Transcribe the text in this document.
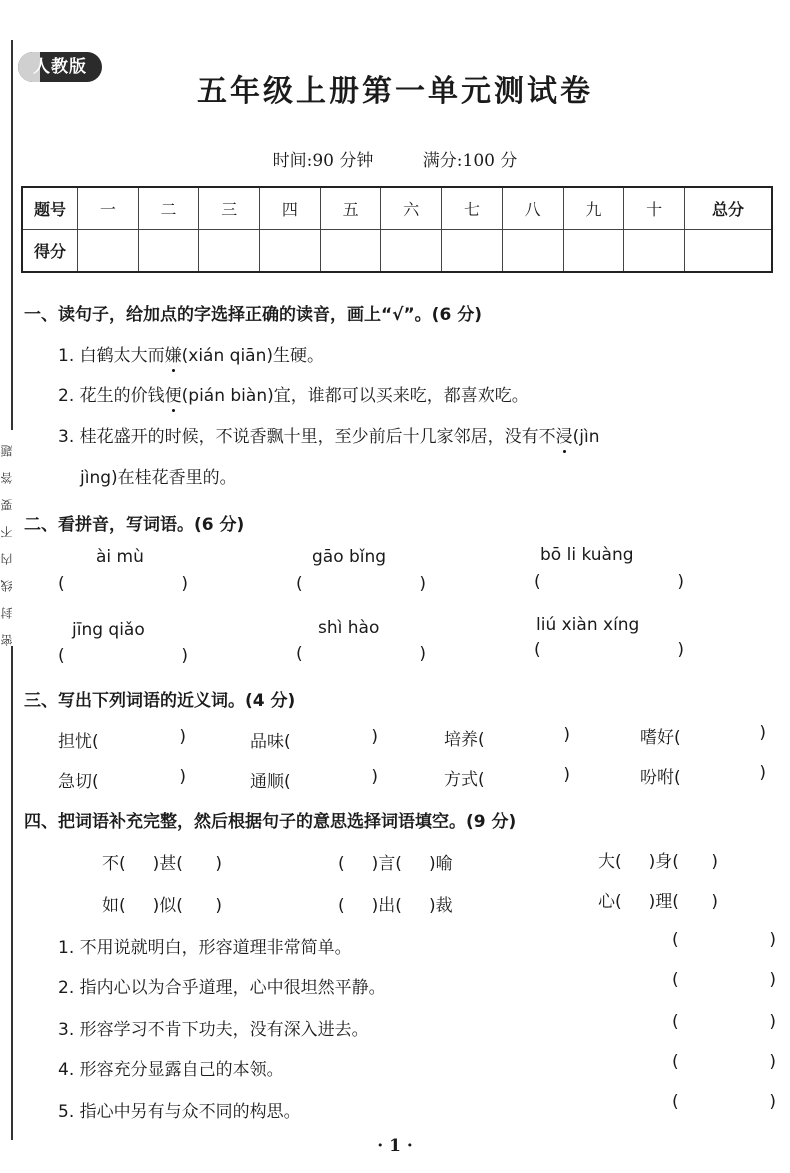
密封线内不要答题
人教版
五年级上册第一单元测试卷
时间:90 分钟	满分:100 分
题号	一	二	三	四	五	六	七	八	九	十	总分
得分											
一、读句子，给加点的字选择正确的读音，画上“√”。(6 分)
1. 白鹤太大而嫌(xián qiān)生硬。
2. 花生的价钱便(pián biàn)宜，谁都可以买来吃，都喜欢吃。
3. 桂花盛开的时候，不说香飘十里，至少前后十几家邻居，没有不浸(jìn
jìng)在桂花香里的。
二、看拼音，写词语。(6 分)
ài mù	gāo bǐng	bō li kuàng
(	)	(	)	(	)
jīng qiǎo	shì hào	liú xiàn xíng
(	)	(	)	(	)
三、写出下列词语的近义词。(4 分)
担忧(	)	品味(	)	培养(	)	嗜好(	)
急切(	)	通顺(	)	方式(	)	吩咐(	)
四、把词语补充完整，然后根据句子的意思选择词语填空。(9 分)
不(     )甚(      )	(     )言(     )喻	大(     )身(      )
如(     )似(      )	(     )出(     )裁	心(     )理(      )
1. 不用说就明白，形容道理非常简单。	(	)
2. 指内心以为合乎道理，心中很坦然平静。	(	)
3. 形容学习不肯下功夫，没有深入进去。	(	)
4. 形容充分显露自己的本领。	(	)
5. 指心中另有与众不同的构思。	(	)
· 1 ·
